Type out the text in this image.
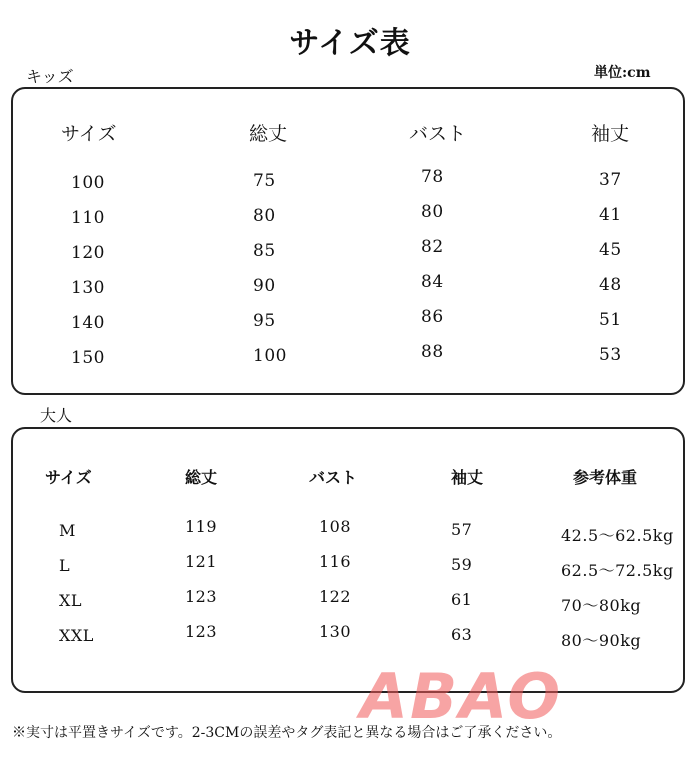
サイズ表
キッズ	単位:cm
サイズ	総丈	バスト	袖丈
100	75	78	37
110	80	80	41
120	85	82	45
130	90	84	48
140	95	86	51
150	100	88	53
大人
サイズ	総丈	バスト	袖丈	参考体重
M	119	108	57	42.5〜62.5kg
L	121	116	59	62.5〜72.5kg
XL	123	122	61	70〜80kg
XXL	123	130	63	80〜90kg
ABAO
※実寸は平置きサイズです。2-3CMの誤差やタグ表記と異なる場合はご了承ください。
